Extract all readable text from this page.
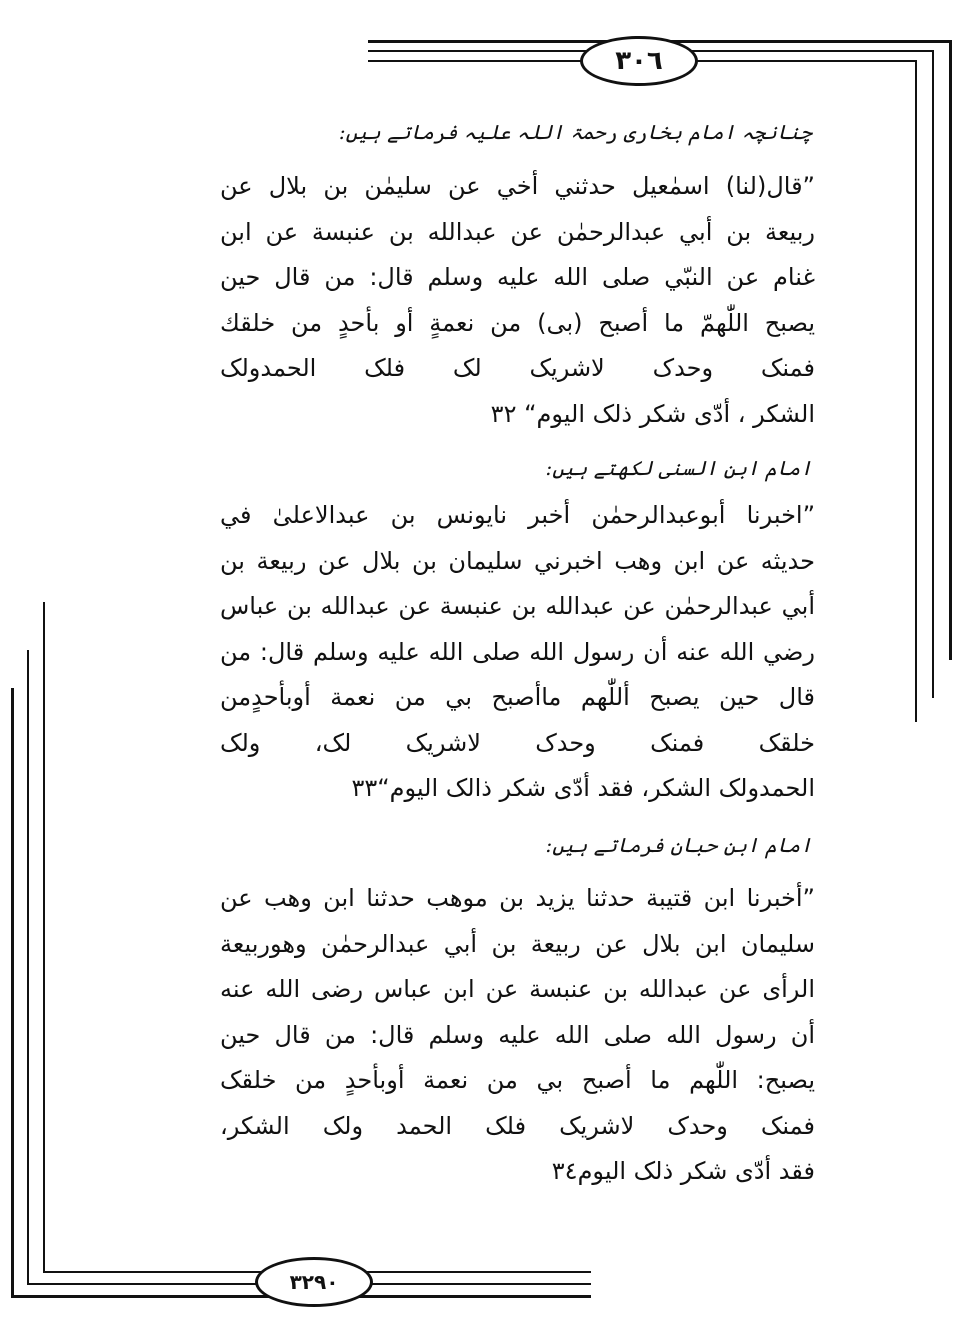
٣٠٦
٣٢٩٠
چنانچہ امام بخاری رحمۃ اللہ علیہ فرماتے ہیں:
”قال(لنا) اسمٰعيل حدثني أخي عن سليمٰن بن بلال عن
ربيعة بن أبي عبدالرحمٰن عن عبدالله بن عنبسة عن ابن
غنام عن النبّي صلى الله عليه وسلم قال: من قال حين
يصبح اللّٰهمّ ما أصبح (بى) من نعمةٍ أو بأحدٍ من خلقك
فمنک وحدک لاشريک لک فلک الحمدولک
الشكر ، أدّى شكر ذلک اليوم“ ٣٢
امام ابن السنی لکھتے ہیں:
”اخبرنا أبوعبدالرحمٰن أخبر نايونس بن عبدالاعلىٰ في
حديثه عن ابن وهب اخبرني سليمان بن بلال عن ربيعة بن
أبي عبدالرحمٰن عن عبدالله بن عنبسة عن عبدالله بن عباس
رضي الله عنه أن رسول الله صلى الله عليه وسلم قال: من
قال حين يصبح أللّٰهم ماأصبح بي من نعمة أوبأحدٍمن
خلقک فمنک وحدک لاشريک لک، ولک
الحمدولک الشكر، فقد أدّى شكر ذالک اليوم“٣٣
امام ابن حبان فرماتے ہیں:
”أخبرنا ابن قتيبة حدثنا يزيد بن موهب حدثنا ابن وهب عن
سليمان ابن بلال عن ربيعة بن أبي عبدالرحمٰن وهوربيعة
الرأى عن عبدالله بن عنبسة عن ابن عباس رضى الله عنه
أن رسول الله صلى الله عليه وسلم قال: من قال حين
يصبح: اللّٰهم ما أصبح بي من نعمة أوبأحدٍ من خلقک
فمنک وحدک لاشريک فلک الحمد ولک الشكر،
فقد أدّى شكر ذلک اليوم٣٤
